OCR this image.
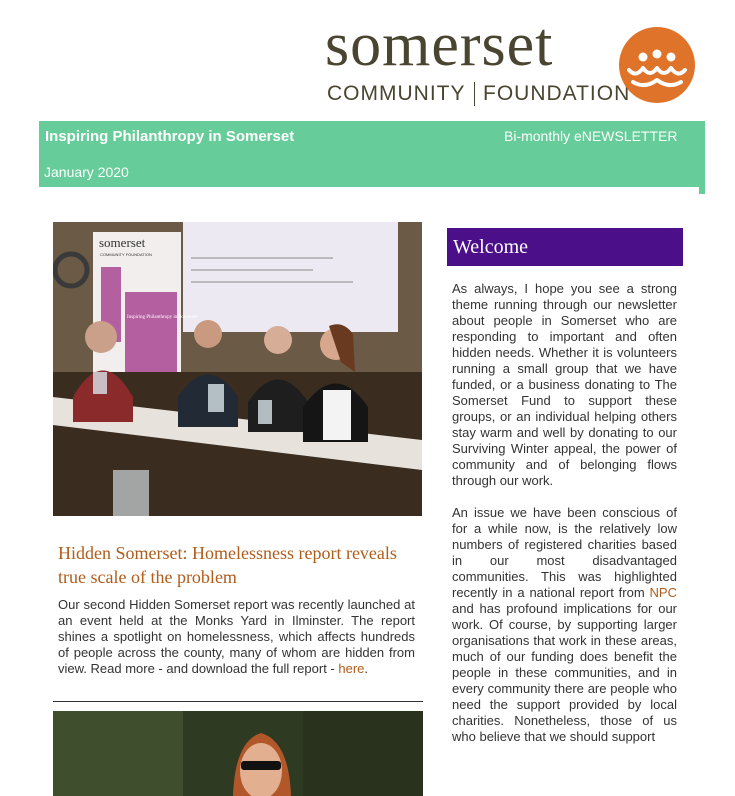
somerset
COMMUNITY FOUNDATION
Inspiring Philanthropy in Somerset	Bi-monthly eNEWSLETTER
January 2020
somerset
COMMUNITY FOUNDATION
Inspiring Philanthropy in Somerset
Hidden Somerset: Homelessness report reveals true scale of the problem
Our second Hidden Somerset report was recently launched at an event held at the Monks Yard in Ilminster. The report shines a spotlight on homelessness, which affects hundreds of people across the county, many of whom are hidden from view. Read more - and download the full report - here.
Welcome

As always, I hope you see a strong theme running through our newsletter about people in Somerset who are responding to important and often hidden needs. Whether it is volunteers running a small group that we have funded, or a business donating to The Somerset Fund to support these groups, or an individual helping others stay warm and well by donating to our Surviving Winter appeal, the power of community and of belonging flows through our work.

An issue we have been conscious of for a while now, is the relatively low numbers of registered charities based in our most disadvantaged communities. This was highlighted recently in a national report from NPC and has profound implications for our work. Of course, by supporting larger organisations that work in these areas, much of our funding does benefit the people in these communities, and in every community there are people who need the support provided by local charities. Nonetheless, those of us who believe that we should support
